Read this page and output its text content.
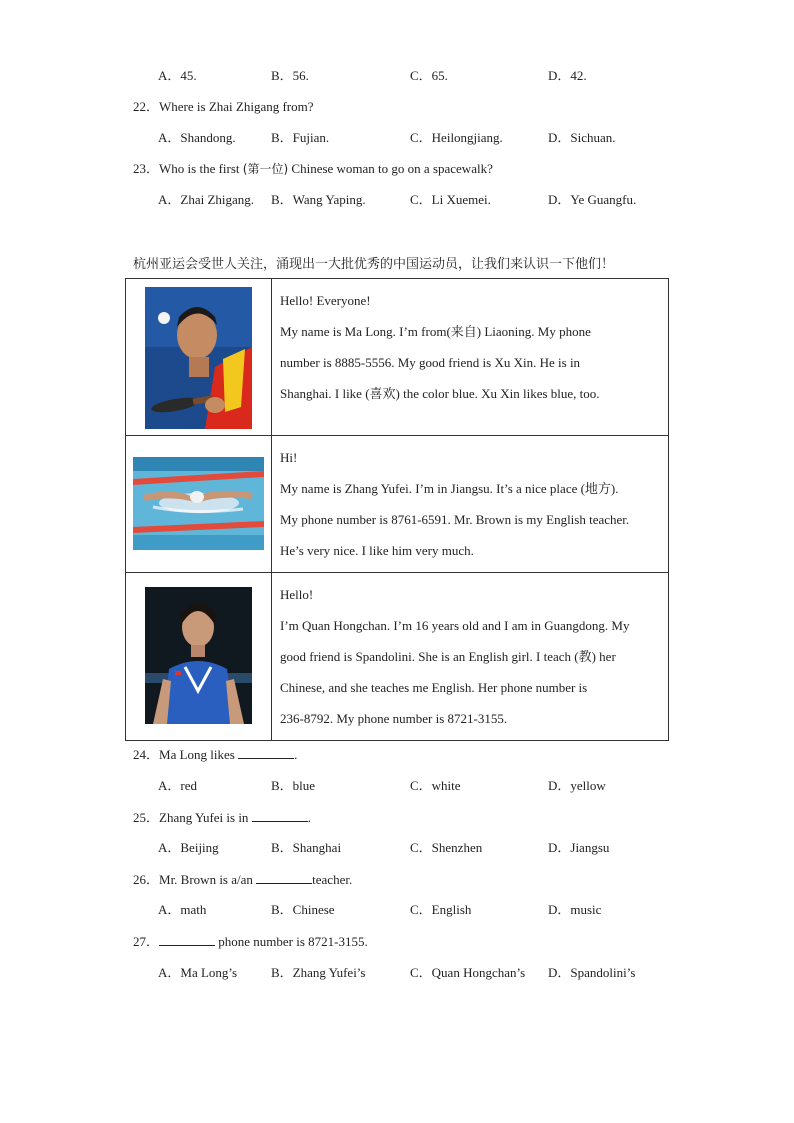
A．45.	B．56.	C．65.	D．42.
22．Where is Zhai Zhigang from?
A．Shandong.	B．Fujian.	C．Heilongjiang.	D．Sichuan.
23．Who is the first (第一位) Chinese woman to go on a spacewalk?
A．Zhai Zhigang. B．Wang Yaping.	C．Li Xuemei.	D．Ye Guangfu.
杭州亚运会受世人关注，涌现出一大批优秀的中国运动员，让我们来认识一下他们！

Hello! Everyone!
My name is Ma Long. I’m from(来自) Liaoning. My phone
number is 8885-5556. My good friend is Xu Xin. He is in
Shanghai. I like (喜欢) the color blue. Xu Xin likes blue, too.

Hi!
My name is Zhang Yufei. I’m in Jiangsu. It’s a nice place (地方).
My phone number is 8761-6591. Mr. Brown is my English teacher.
He’s very nice. I like him very much.

Hello!
I’m Quan Hongchan. I’m 16 years old and I am in Guangdong. My
good friend is Spandolini. She is an English girl. I teach (教) her
Chinese, and she teaches me English. Her phone number is
236-8792. My phone number is 8721-3155.
24．Ma Long likes	.
A．red	B．blue	C．white	D．yellow
25．Zhang Yufei is in	.
A．Beijing	B．Shanghai	C．Shenzhen	D．Jiangsu
26．Mr. Brown is a/an	teacher.
A．math	B．Chinese	C．English	D．music
27．	phone number is 8721-3155.
A．Ma Long’s	B．Zhang Yufei’s	C．Quan Hongchan’s D．Spandolini’s
